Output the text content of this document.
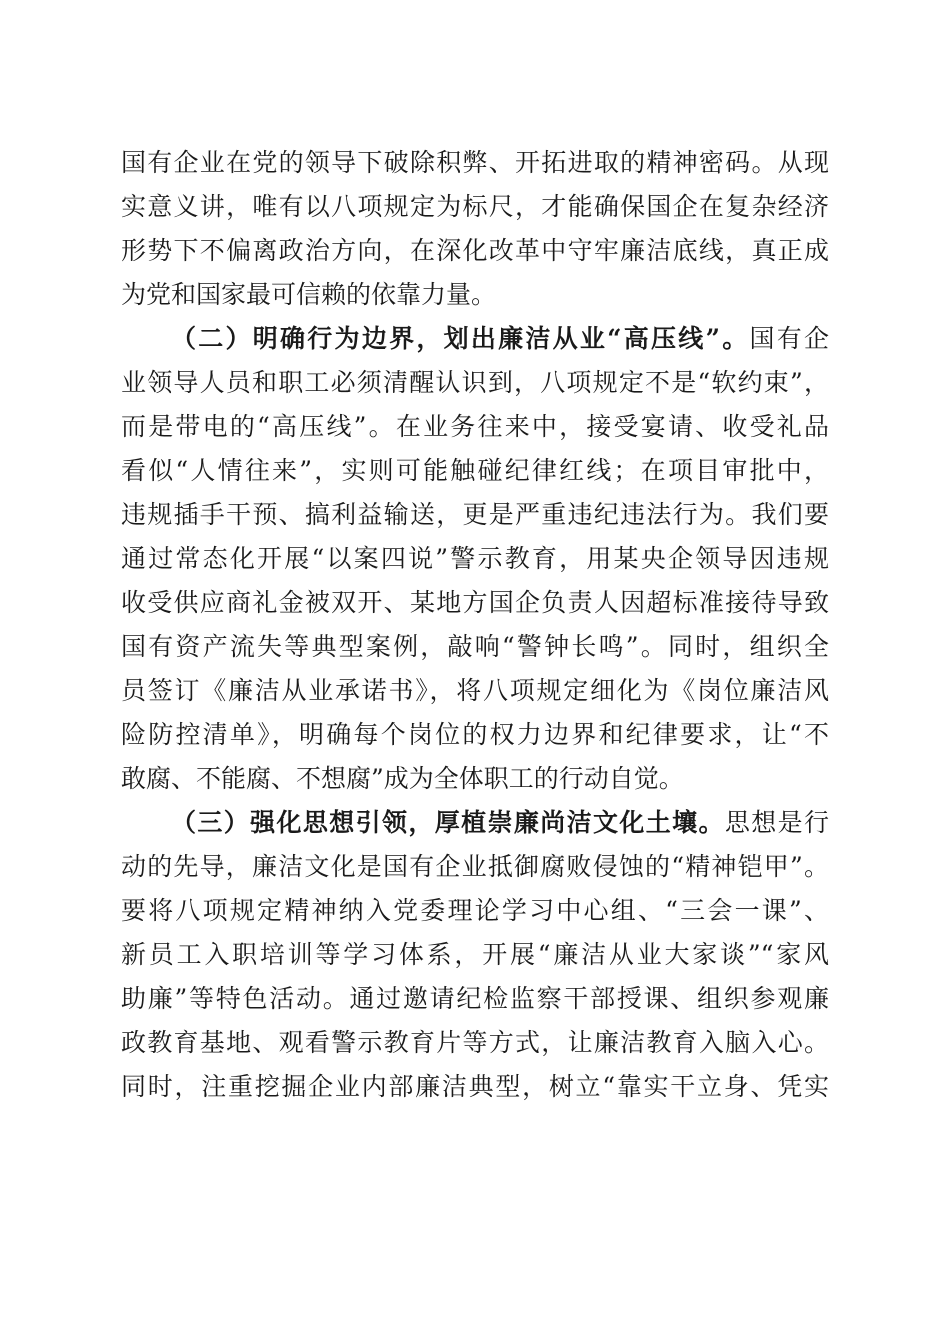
国有企业在党的领导下破除积弊、开拓进取的精神密码。从现
实意义讲，唯有以八项规定为标尺，才能确保国企在复杂经济
形势下不偏离政治方向，在深化改革中守牢廉洁底线，真正成
为党和国家最可信赖的依靠力量。
（二）明确行为边界，划出廉洁从业“高压线”。国有企
业领导人员和职工必须清醒认识到，八项规定不是“软约束”，
而是带电的“高压线”。在业务往来中，接受宴请、收受礼品
看似“人情往来”，实则可能触碰纪律红线；在项目审批中，
违规插手干预、搞利益输送，更是严重违纪违法行为。我们要
通过常态化开展“以案四说”警示教育，用某央企领导因违规
收受供应商礼金被双开、某地方国企负责人因超标准接待导致
国有资产流失等典型案例，敲响“警钟长鸣”。同时，组织全
员签订《廉洁从业承诺书》，将八项规定细化为《岗位廉洁风
险防控清单》，明确每个岗位的权力边界和纪律要求，让“不
敢腐、不能腐、不想腐”成为全体职工的行动自觉。
（三）强化思想引领，厚植崇廉尚洁文化土壤。思想是行
动的先导，廉洁文化是国有企业抵御腐败侵蚀的“精神铠甲”。
要将八项规定精神纳入党委理论学习中心组、“三会一课”、
新员工入职培训等学习体系，开展“廉洁从业大家谈”“家风
助廉”等特色活动。通过邀请纪检监察干部授课、组织参观廉
政教育基地、观看警示教育片等方式，让廉洁教育入脑入心。
同时，注重挖掘企业内部廉洁典型，树立“靠实干立身、凭实
